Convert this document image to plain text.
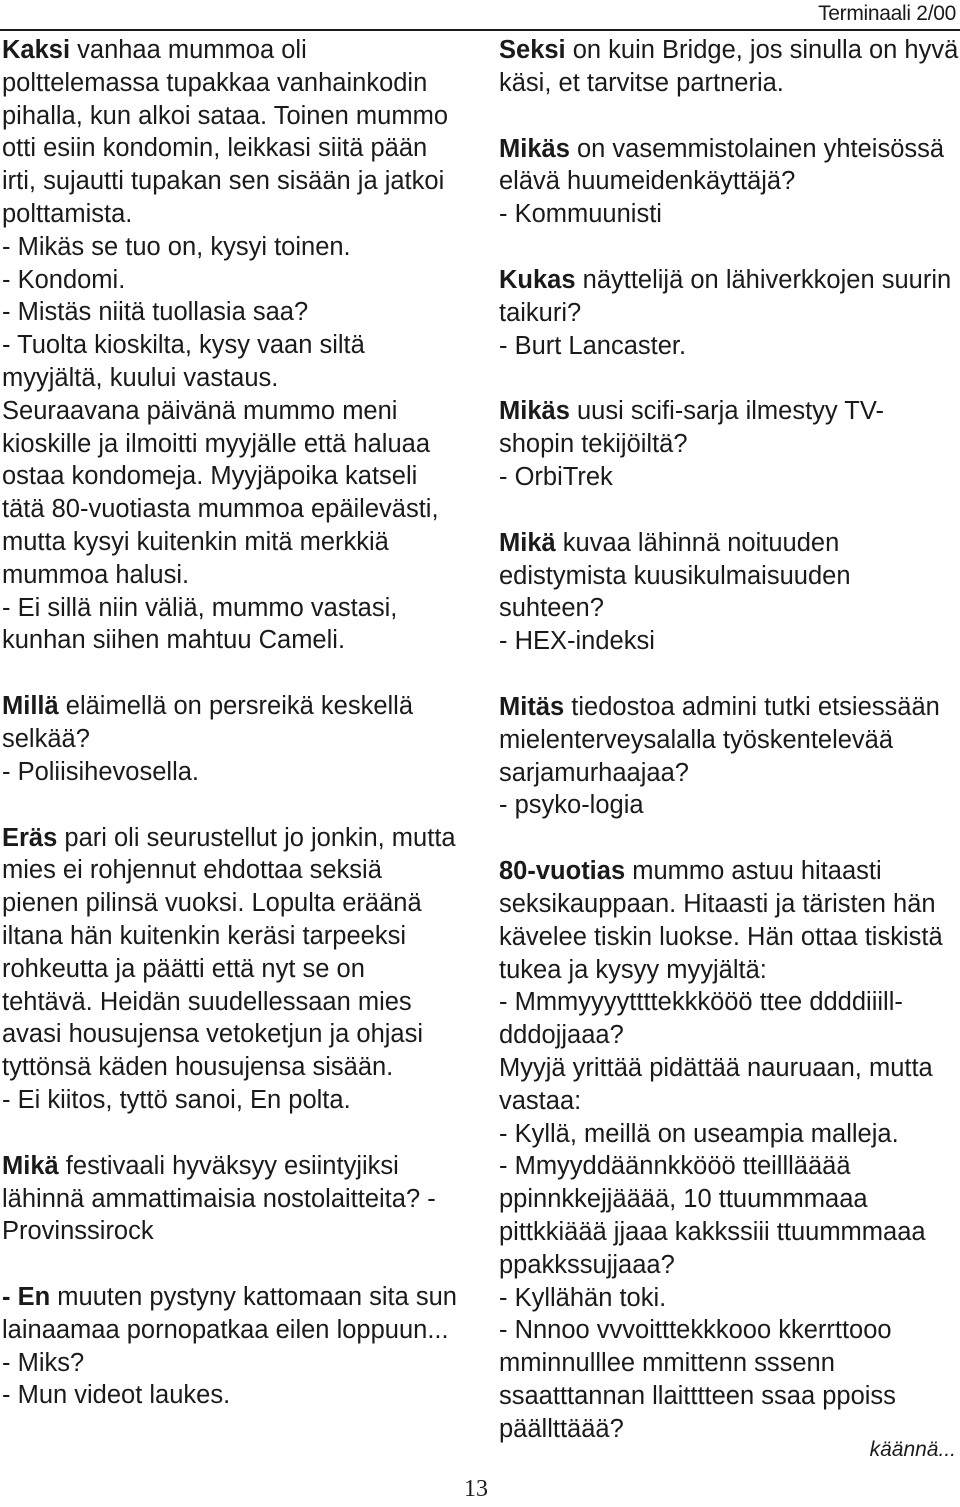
Terminaali 2/00

Kaksi vanhaa mummoa oli polttelemassa tupakkaa vanhainkodin pihalla, kun alkoi sataa. Toinen mummo otti esiin kondomin, leikkasi siitä pään irti, sujautti tupakan sen sisään ja jatkoi polttamista.

- Mikäs se tuo on, kysyi toinen.

- Kondomi.

- Mistäs niitä tuollasia saa?

- Tuolta kioskilta, kysy vaan siltä myyjältä, kuului vastaus.

Seuraavana päivänä mummo meni kioskille ja ilmoitti myyjälle että haluaa ostaa kondomeja. Myyjäpoika katseli tätä 80-vuotiasta mummoa epäilevästi, mutta kysyi kuitenkin mitä merkkiä mummoa halusi.

- Ei sillä niin väliä, mummo vastasi, kunhan siihen mahtuu Cameli.

Millä eläimellä on persreikä keskellä selkää?

- Poliisihevosella.

Eräs pari oli seurustellut jo jonkin, mutta mies ei rohjennut ehdottaa seksiä pienen pilinsä vuoksi. Lopulta eräänä iltana hän kuitenkin keräsi tarpeeksi rohkeutta ja päätti että nyt se on tehtävä. Heidän suudellessaan mies avasi housujensa vetoketjun ja ohjasi tyttönsä käden housujensa sisään.

- Ei kiitos, tyttö sanoi, En polta.

Mikä festivaali hyväksyy esiintyjiksi lähinnä ammattimaisia nostolaitteita? - Provinssirock

- En muuten pystyny kattomaan sita sun lainaamaa pornopatkaa eilen loppuun...

- Miks?

- Mun videot laukes.

Seksi on kuin Bridge, jos sinulla on hyvä käsi, et tarvitse partneria.

Mikäs on vasemmistolainen yhteisössä elävä huumeidenkäyttäjä?

- Kommuunisti

Kukas näyttelijä on lähiverkkojen suurin taikuri?

- Burt Lancaster.

Mikäs uusi scifi-sarja ilmestyy TV-shopin tekijöiltä?

- OrbiTrek

Mikä kuvaa lähinnä noituuden edistymista kuusikulmaisuuden suhteen?

- HEX-indeksi

Mitäs tiedostoa admini tutki etsiessään mielenterveysalalla työskentelevää sarjamurhaajaa?

- psyko-logia

80-vuotias mummo astuu hitaasti seksikauppaan. Hitaasti ja täristen hän kävelee tiskin luokse. Hän ottaa tiskistä tukea ja kysyy myyjältä:

- Mmmyyyyttttekkkööö ttee ddddiiill-dddojjaaa?

Myyjä yrittää pidättää nauruaan, mutta vastaa:

- Kyllä, meillä on useampia malleja.

- Mmyyddäännkkööö tteilllääää ppinnkkejjääää, 10 ttuummmaaa pittkkiäää jjaaa kakkssiii ttuummmaaa ppakkssujjaaa?

- Kyllähän toki.

- Nnnoo vvvoitttekkkooo kkerrttooo mminnulllee mmittenn sssenn ssaatttannan llaitttteen ssaa ppoiss päällttäää?

13
käännä...
